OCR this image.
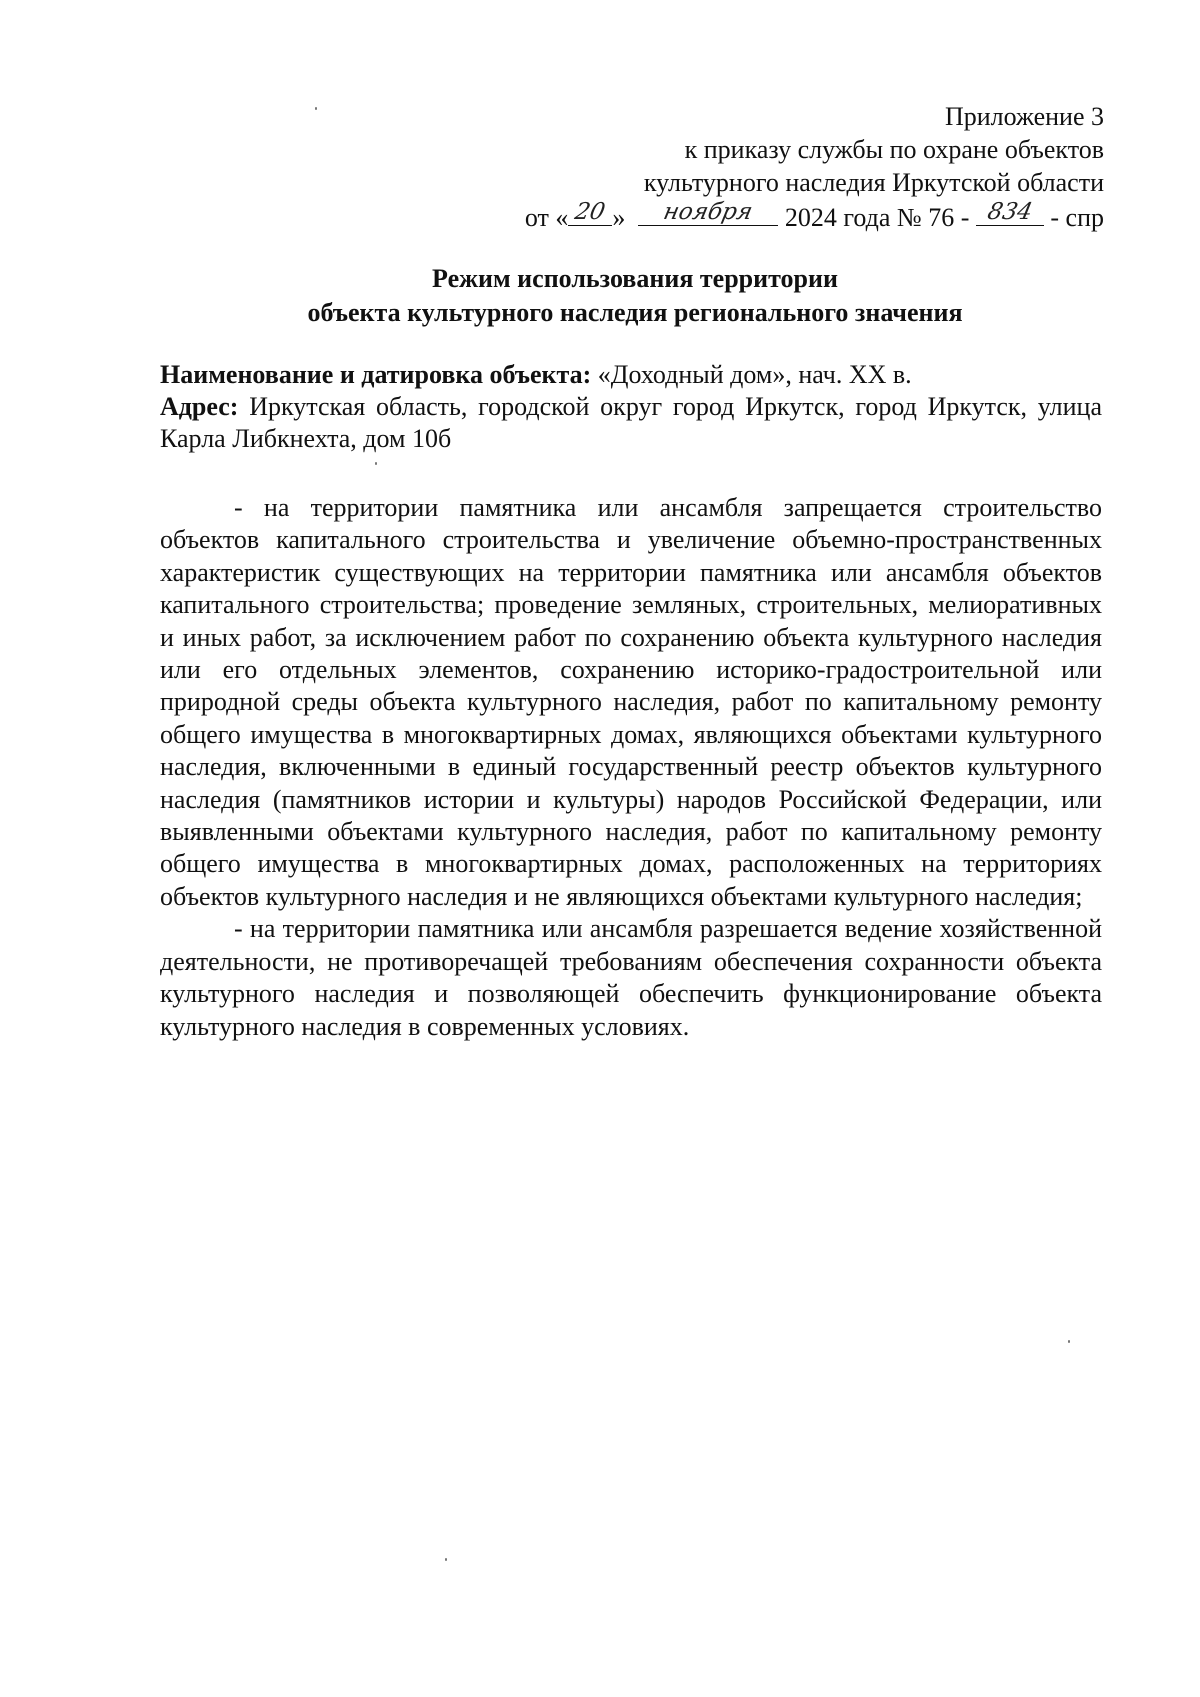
Приложение 3
к приказу службы по охране объектов
культурного наследия Иркутской области
от « 20 »	ноября	2024 года № 76 - 834 - спр
Режим использования территории
объекта культурного наследия регионального значения
Наименование и датировка объекта: «Доходный дом», нач. XX в.
Адрес: Иркутская область, городской округ город Иркутск, город Иркутск, улица Карла Либкнехта, дом 10б

- на территории памятника или ансамбля запрещается строительство объектов капитального строительства и увеличение объемно-пространственных характеристик существующих на территории памятника или ансамбля объектов капитального строительства; проведение земляных, строительных, мелиоративных и иных работ, за исключением работ по сохранению объекта культурного наследия или его отдельных элементов, сохранению историко-градостроительной или природной среды объекта культурного наследия, работ по капитальному ремонту общего имущества в многоквартирных домах, являющихся объектами культурного наследия, включенными в единый государственный реестр объектов культурного наследия (памятников истории и культуры) народов Российской Федерации, или выявленными объектами культурного наследия, работ по капитальному ремонту общего имущества в многоквартирных домах, расположенных на территориях объектов культурного наследия и не являющихся объектами культурного наследия;

- на территории памятника или ансамбля разрешается ведение хозяйственной деятельности, не противоречащей требованиям обеспечения сохранности объекта культурного наследия и позволяющей обеспечить функционирование объекта культурного наследия в современных условиях.
